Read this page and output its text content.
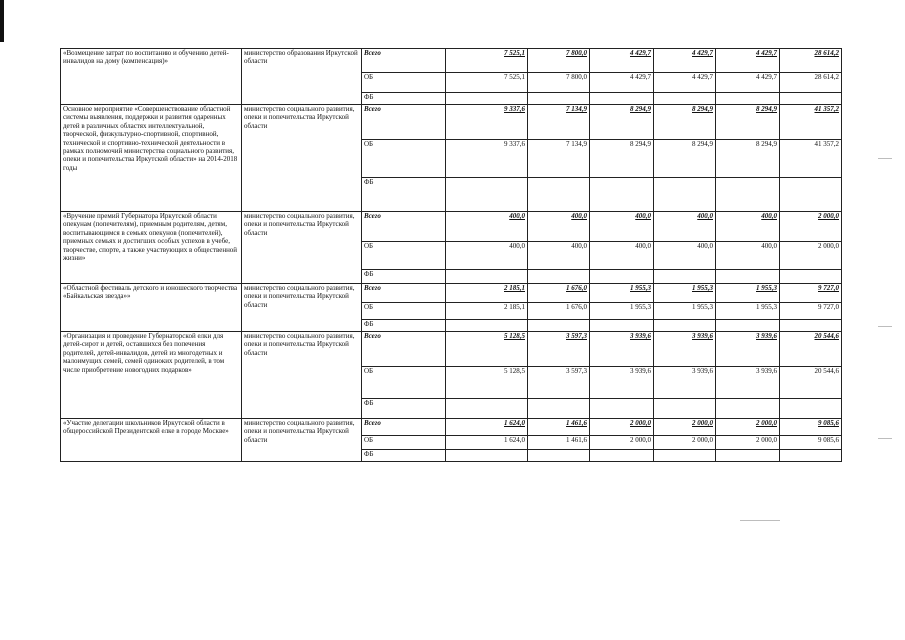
«Возмещение затрат по воспитанию и обучению детей-инвалидов на дому (компенсация)»	министерство образования Иркутской области	Всего	7 525,1	7 800,0	4 429,7	4 429,7	4 429,7	28 614,2
		ОБ	7 525,1	7 800,0	4 429,7	4 429,7	4 429,7	28 614,2
		ФБ						
Основное мероприятие «Совершенствование областной системы выявления, поддержки и развития одаренных детей в различных областях интеллектуальной, творческой, физкультурно-спортивной, спортивной, технической и спортивно-технической деятельности в рамках полномочий министерства социального развития, опеки и попечительства Иркутской области» на 2014-2018 годы	министерство социального развития, опеки и попечительства Иркутской области	Всего	9 337,6	7 134,9	8 294,9	8 294,9	8 294,9	41 357,2
		ОБ	9 337,6	7 134,9	8 294,9	8 294,9	8 294,9	41 357,2
		ФБ						
«Вручение премий Губернатора Иркутской области опекунам (попечителям), приемным родителям, детям, воспитывающимся в семьях опекунов (попечителей), приемных семьях и достигших особых успехов в учебе, творчестве, спорте, а также участвующих в общественной жизни»	министерство социального развития, опеки и попечительства Иркутской области	Всего	400,0	400,0	400,0	400,0	400,0	2 000,0
		ОБ	400,0	400,0	400,0	400,0	400,0	2 000,0
		ФБ						
«Областной фестиваль детского и юношеского творчества «Байкальская звезда»»	министерство социального развития, опеки и попечительства Иркутской области	Всего	2 185,1	1 676,0	1 955,3	1 955,3	1 955,3	9 727,0
		ОБ	2 185,1	1 676,0	1 955,3	1 955,3	1 955,3	9 727,0
		ФБ						
«Организация и проведение Губернаторской елки для детей-сирот и детей, оставшихся без попечения родителей, детей-инвалидов, детей из многодетных и малоимущих семей, семей одиноких родителей, в том числе приобретение новогодних подарков»	министерство социального развития, опеки и попечительства Иркутской области	Всего	5 128,5	3 597,3	3 939,6	3 939,6	3 939,6	20 544,6
		ОБ	5 128,5	3 597,3	3 939,6	3 939,6	3 939,6	20 544,6
		ФБ						
«Участие делегации школьников Иркутской области в общероссийской Президентской елке в городе Москве»	министерство социального развития, опеки и попечительства Иркутской области	Всего	1 624,0	1 461,6	2 000,0	2 000,0	2 000,0	9 085,6
		ОБ	1 624,0	1 461,6	2 000,0	2 000,0	2 000,0	9 085,6
		ФБ						
